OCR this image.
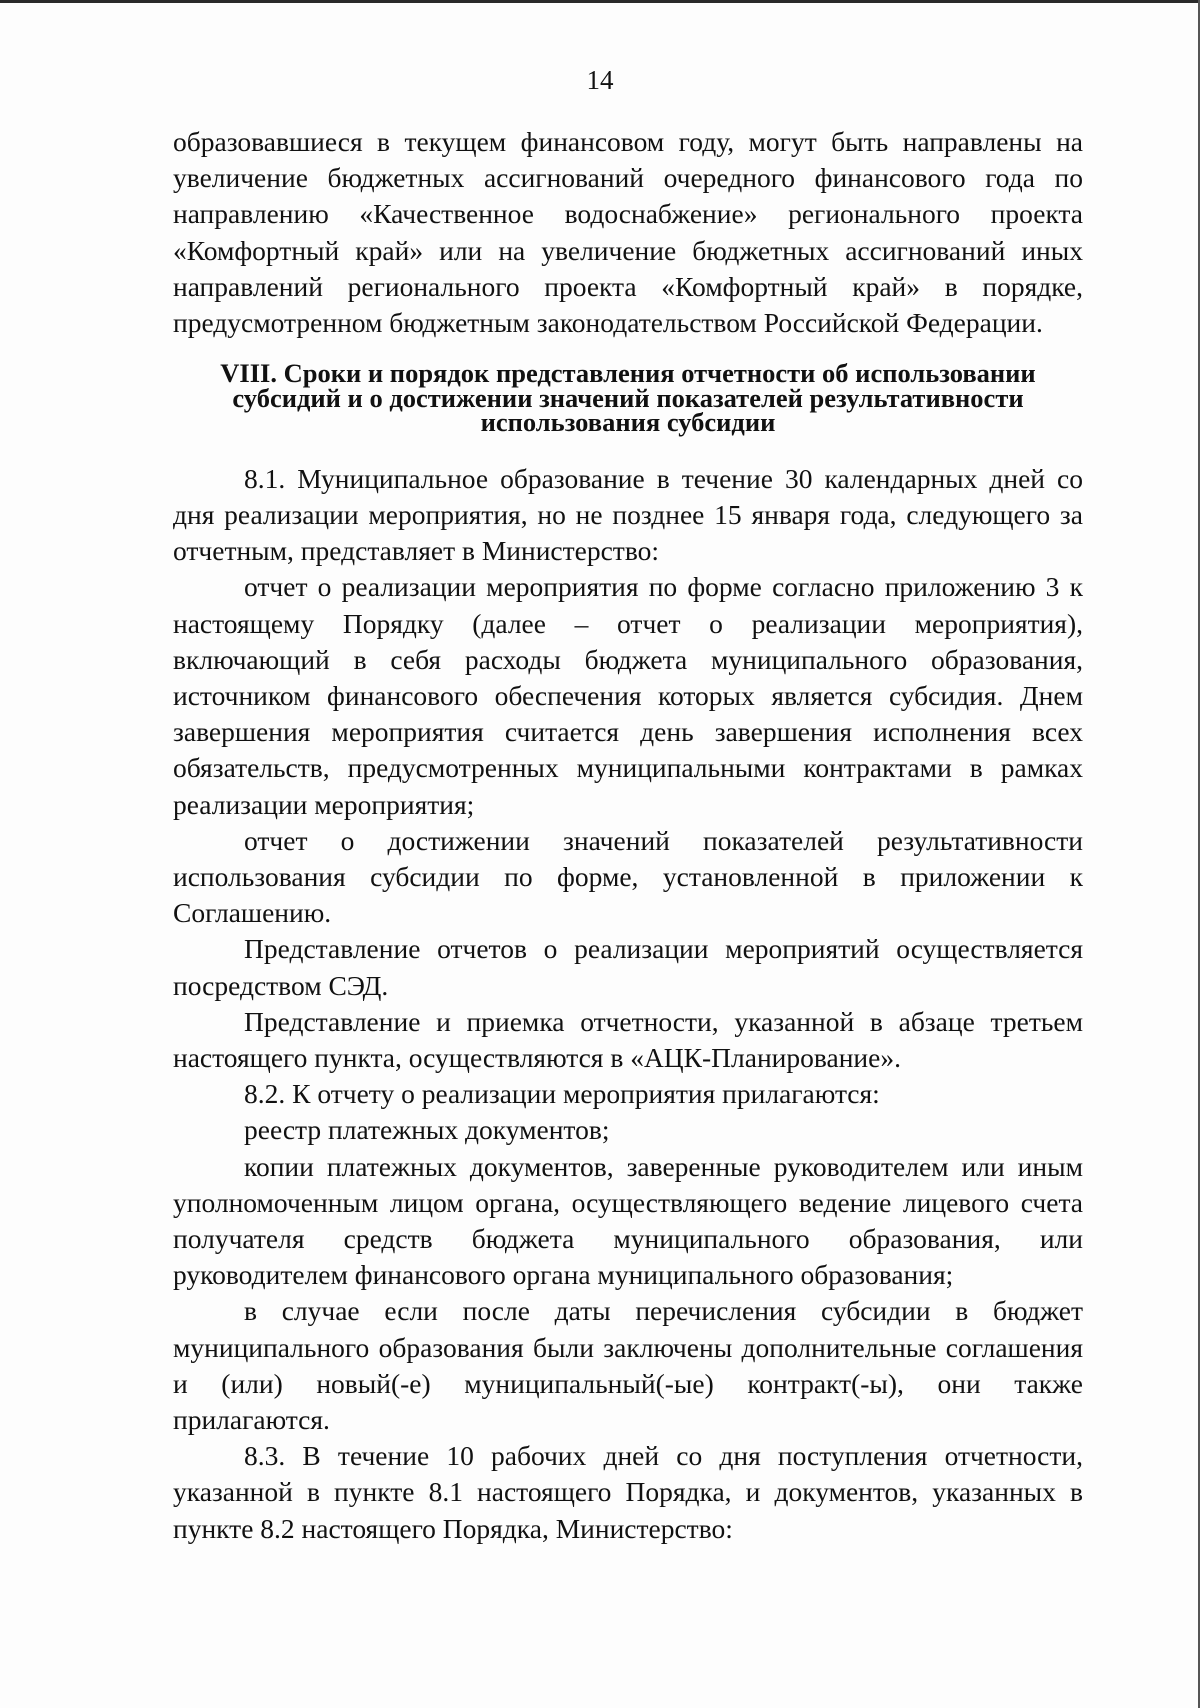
14

образовавшиеся в текущем финансовом году, могут быть направлены на увеличение бюджетных ассигнований очередного финансового года по направлению «Качественное водоснабжение» регионального проекта «Комфортный край» или на увеличение бюджетных ассигнований иных направлений регионального проекта «Комфортный край» в порядке, предусмотренном бюджетным законодательством Российской Федерации.

VIII. Сроки и порядок представления отчетности об использовании
субсидий и о достижении значений показателей результативности
использования субсидии

8.1. Муниципальное образование в течение 30 календарных дней со дня реализации мероприятия, но не позднее 15 января года, следующего за отчетным, представляет в Министерство:

отчет о реализации мероприятия по форме согласно приложению 3 к настоящему Порядку (далее – отчет о реализации мероприятия), включающий в себя расходы бюджета муниципального образования, источником финансового обеспечения которых является субсидия. Днем завершения мероприятия считается день завершения исполнения всех обязательств, предусмотренных муниципальными контрактами в рамках реализации мероприятия;

отчет о достижении значений показателей результативности использования субсидии по форме, установленной в приложении к Соглашению.

Представление отчетов о реализации мероприятий осуществляется посредством СЭД.

Представление и приемка отчетности, указанной в абзаце третьем настоящего пункта, осуществляются в «АЦК-Планирование».

8.2. К отчету о реализации мероприятия прилагаются:

реестр платежных документов;

копии платежных документов, заверенные руководителем или иным уполномоченным лицом органа, осуществляющего ведение лицевого счета получателя средств бюджета муниципального образования, или руководителем финансового органа муниципального образования;

в случае если после даты перечисления субсидии в бюджет муниципального образования были заключены дополнительные соглашения и (или) новый(-е) муниципальный(-ые) контракт(-ы), они также прилагаются.

8.3. В течение 10 рабочих дней со дня поступления отчетности, указанной в пункте 8.1 настоящего Порядка, и документов, указанных в пункте 8.2 настоящего Порядка, Министерство:
